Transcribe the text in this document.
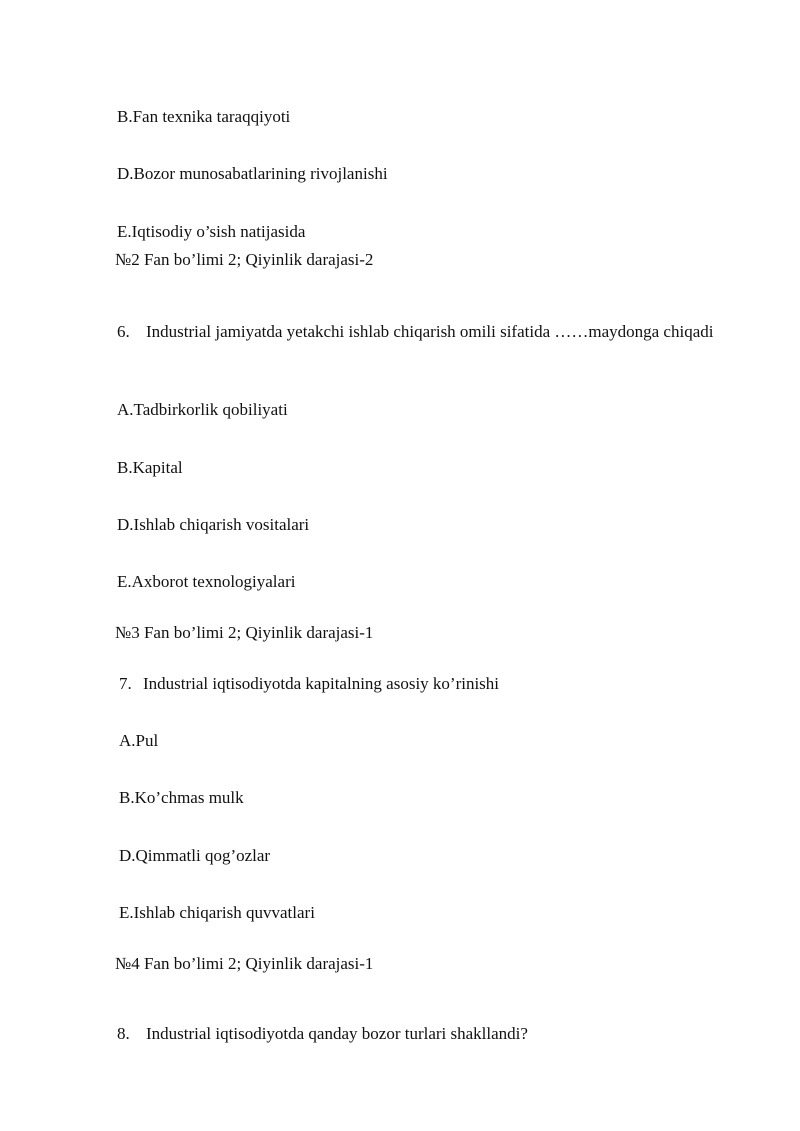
B.Fan texnika taraqqiyoti
D.Bozor munosabatlarining rivojlanishi
E.Iqtisodiy o’sish natijasida
№2 Fan bo’limi 2; Qiyinlik darajasi-2
6. Industrial jamiyatda yetakchi ishlab chiqarish omili sifatida ……maydonga chiqadi
A.Tadbirkorlik qobiliyati
B.Kapital
D.Ishlab chiqarish vositalari
E.Axborot texnologiyalari
№3 Fan bo’limi 2; Qiyinlik darajasi-1
7. Industrial iqtisodiyotda kapitalning asosiy ko’rinishi
A.Pul
B.Ko’chmas mulk
D.Qimmatli qog’ozlar
E.Ishlab chiqarish quvvatlari
№4 Fan bo’limi 2; Qiyinlik darajasi-1
8. Industrial iqtisodiyotda qanday bozor turlari shakllandi?
